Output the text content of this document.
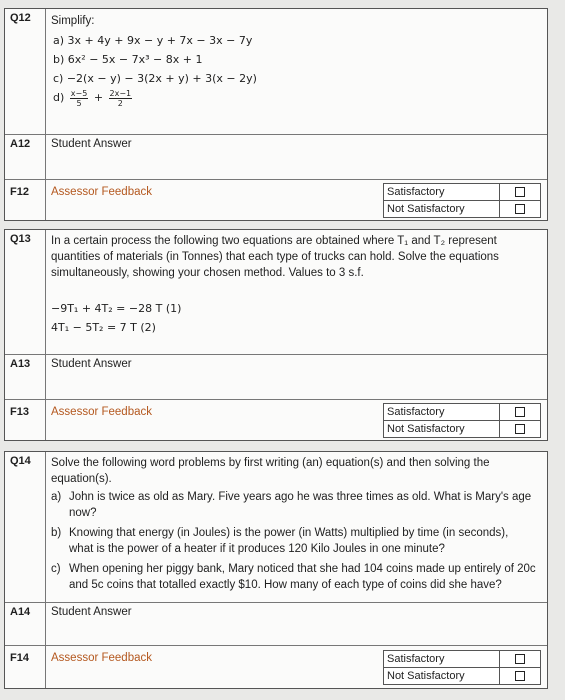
Q12	Simplify:
a) 3x + 4y + 9x − y + 7x − 3x − 7y
b) 6x² − 5x − 7x³ − 8x + 1
c) −2(x − y) − 3(2x + y) + 3(x − 2y)
$d) \frac{x-5}{5} + \frac{2x-1}{2}$
A12	Student Answer
F12	Assessor Feedback	Satisfactory
Not Satisfactory
Q13	In a certain process the following two equations are obtained where T₁ and T₂ represent quantities of materials (in Tonnes) that each type of trucks can hold. Solve the equations simultaneously, showing your chosen method. Values to 3 s.f.
−9T₁ + 4T₂ = −28 T (1)
4T₁ − 5T₂ = 7 T (2)
A13	Student Answer
F13	Assessor Feedback	Satisfactory
Not Satisfactory
Q14	Solve the following word problems by first writing (an) equation(s) and then solving the equation(s).
a) John is twice as old as Mary. Five years ago he was three times as old. What is Mary's age now?
b) Knowing that energy (in Joules) is the power (in Watts) multiplied by time (in seconds), what is the power of a heater if it produces 120 Kilo Joules in one minute?
c) When opening her piggy bank, Mary noticed that she had 104 coins made up entirely of 20c and 5c coins that totalled exactly $10. How many of each type of coins did she have?
A14	Student Answer
F14	Assessor Feedback	Satisfactory
Not Satisfactory
